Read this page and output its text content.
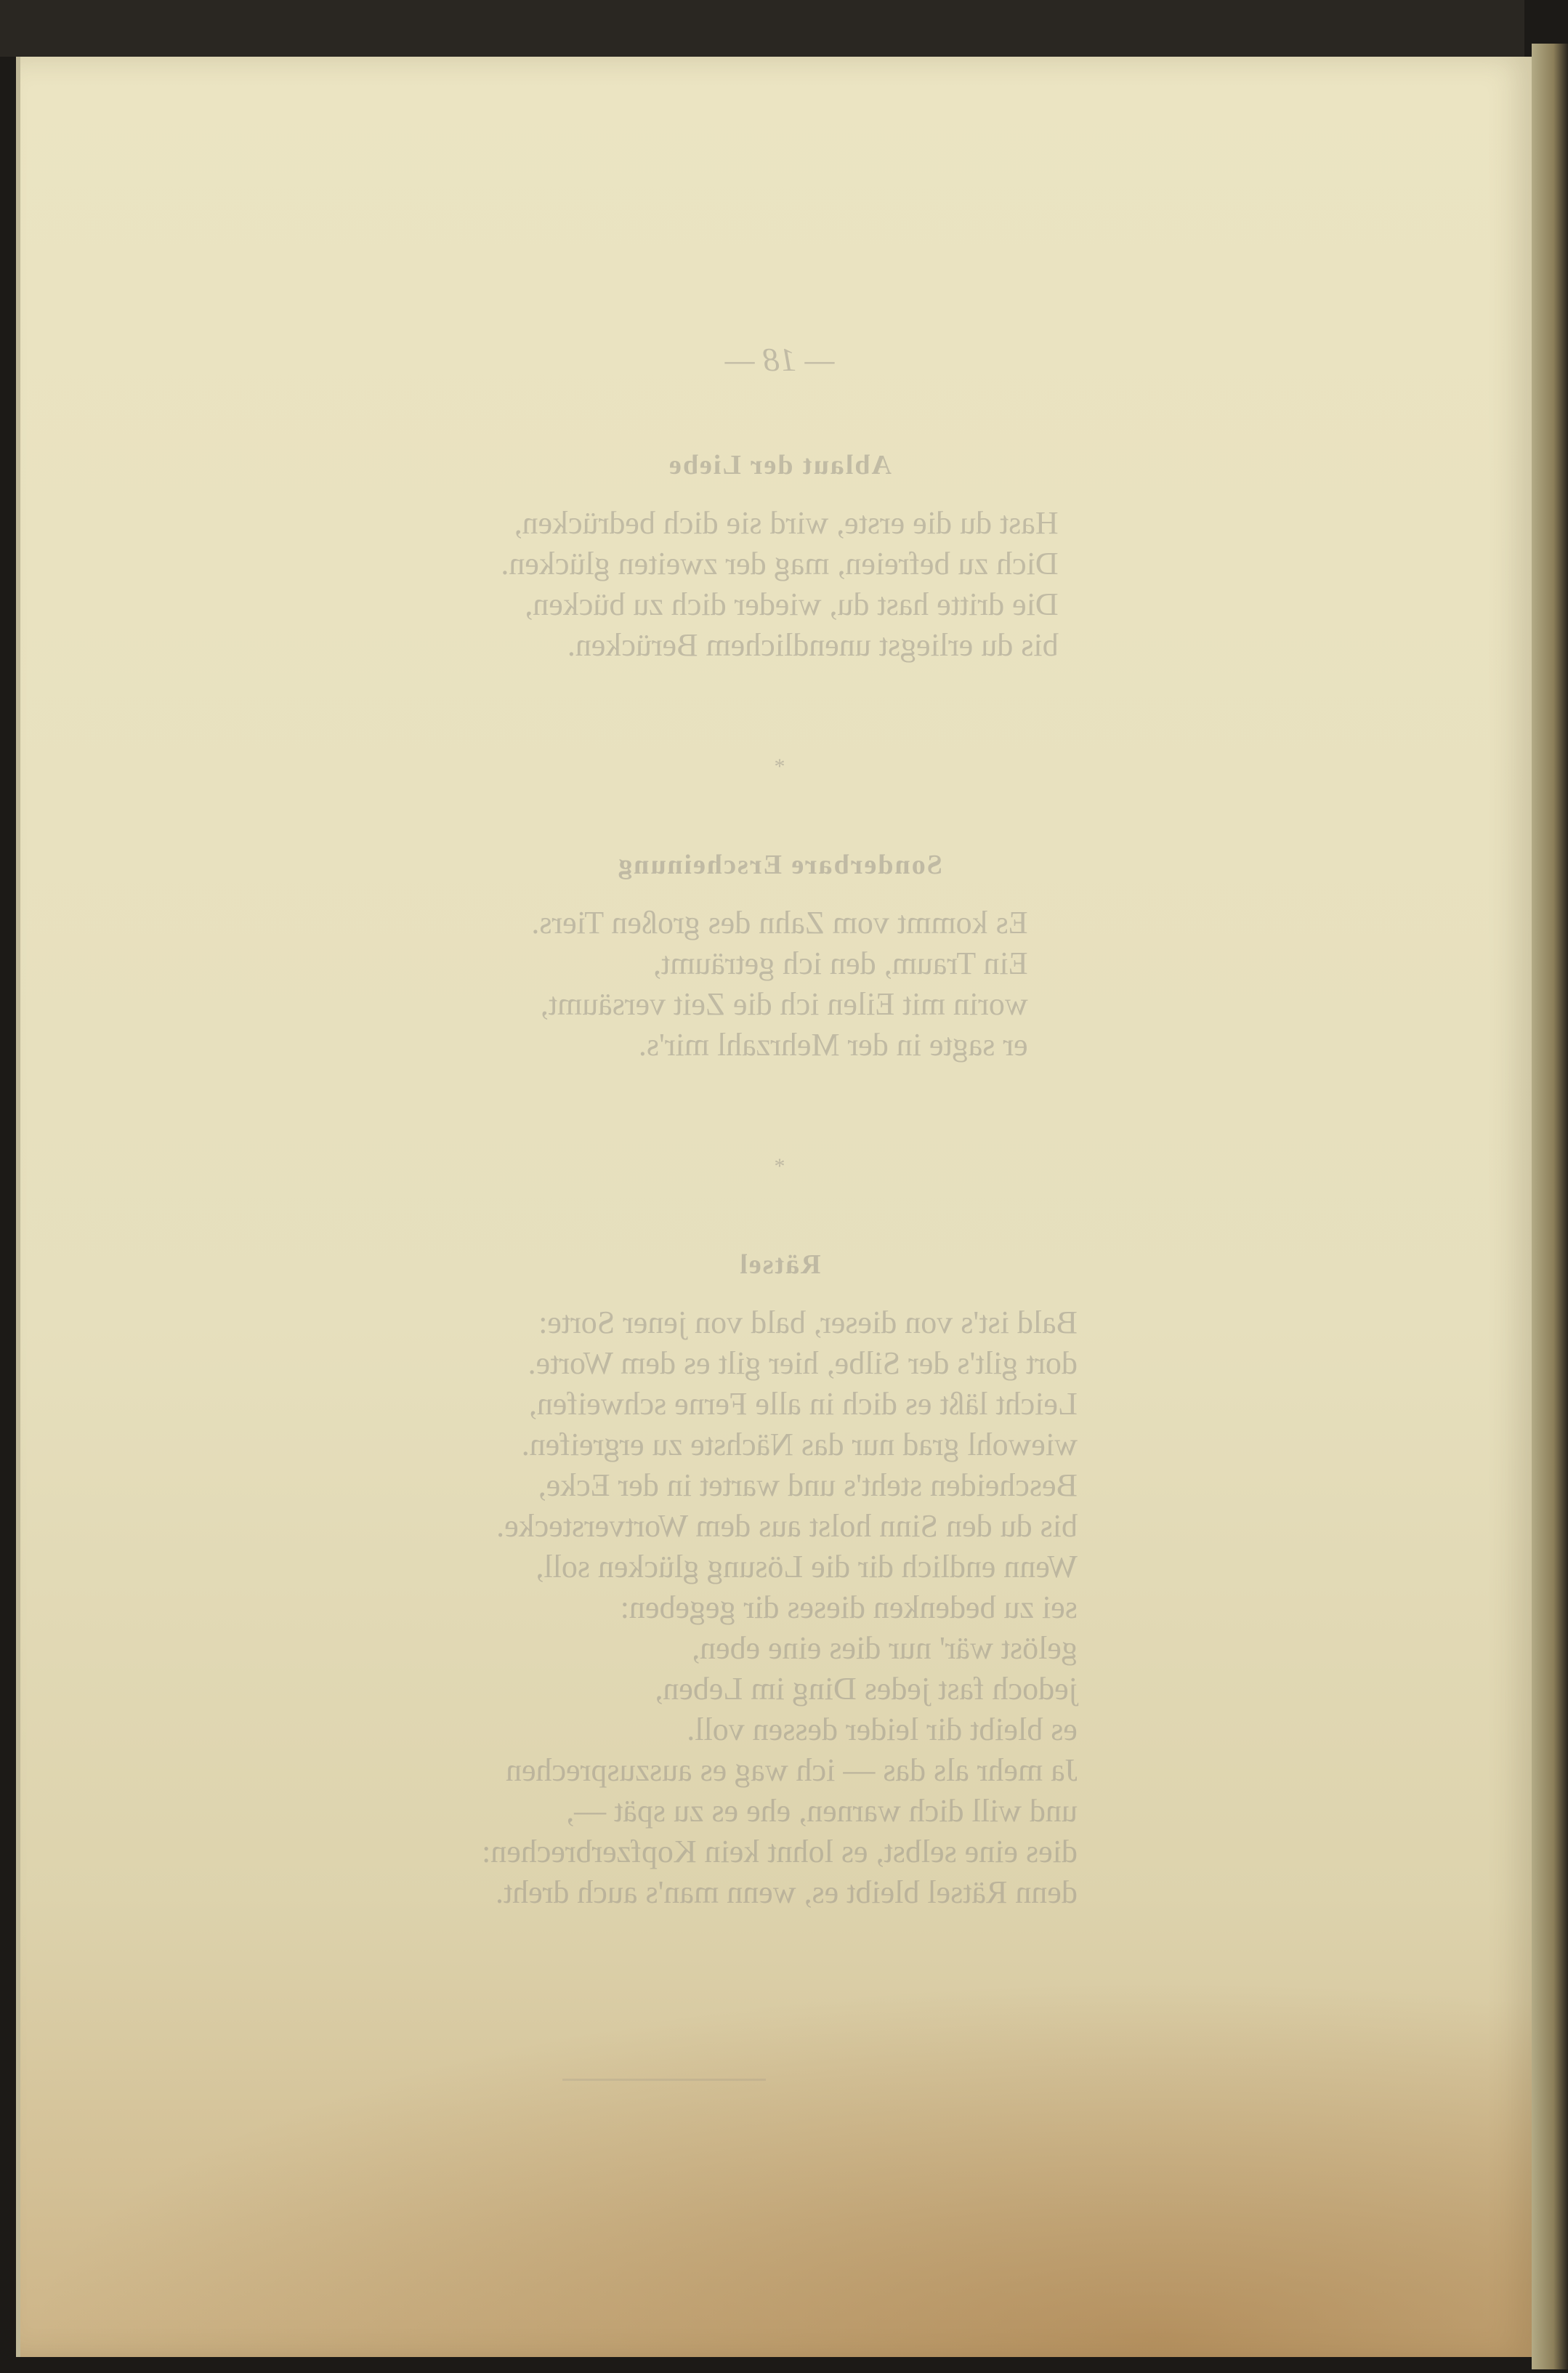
— 18 —
Ablaut der Liebe
Hast du die erste, wird sie dich bedrücken,
Dich zu befreien, mag der zweiten glücken.
Die dritte hast du, wieder dich zu bücken,
bis du erliegst unendlichem Berücken.
*
Sonderbare Erscheinung
Es kommt vom Zahn des großen Tiers.
Ein Traum, den ich geträumt,
worin mit Eilen ich die Zeit versäumt,
er sagte in der Mehrzahl mir's.
*
Rätsel
Bald ist's von dieser, bald von jener Sorte:
dort gilt's der Silbe, hier gilt es dem Worte.
Leicht läßt es dich in alle Ferne schweifen,
wiewohl grad nur das Nächste zu ergreifen.
Bescheiden steht's und wartet in der Ecke,
bis du den Sinn holst aus dem Wortverstecke.
Wenn endlich dir die Lösung glücken soll,
sei zu bedenken dieses dir gegeben:
gelöst wär' nur dies eine eben,
jedoch fast jedes Ding im Leben,
es bleibt dir leider dessen voll.
Ja mehr als das — ich wag es auszusprechen
und will dich warnen, ehe es zu spät —,
dies eine selbst, es lohnt kein Kopfzerbrechen:
denn Rätsel bleibt es, wenn man's auch dreht.
